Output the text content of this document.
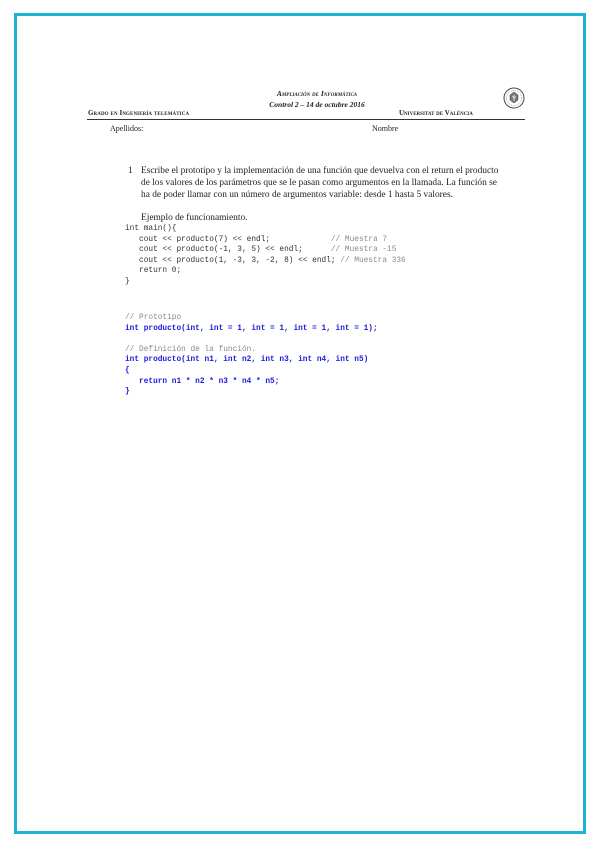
Grado en Ingeniería telemática
Ampliación de Informática
Control 2 – 14 de octubre 2016
Universitat de València
Apellidos:	Nombre
1 Escribe el prototipo y la implementación de una función que devuelva con el return el producto de los valores de los parámetros que se le pasan como argumentos en la llamada. La función se ha de poder llamar con un número de argumentos variable: desde 1 hasta 5 valores.
Ejemplo de funcionamiento.
int main(){
cout << producto(7) << endl;             // Muestra 7
cout << producto(-1, 3, 5) << endl;      // Muestra -15
cout << producto(1, -3, 3, -2, 8) << endl; // Muestra 336
return 0;
}
// Prototipo
int producto(int, int = 1, int = 1, int = 1, int = 1);

// Definición de la función.
int producto(int n1, int n2, int n3, int n4, int n5)
{
return n1 * n2 * n3 * n4 * n5;
}
